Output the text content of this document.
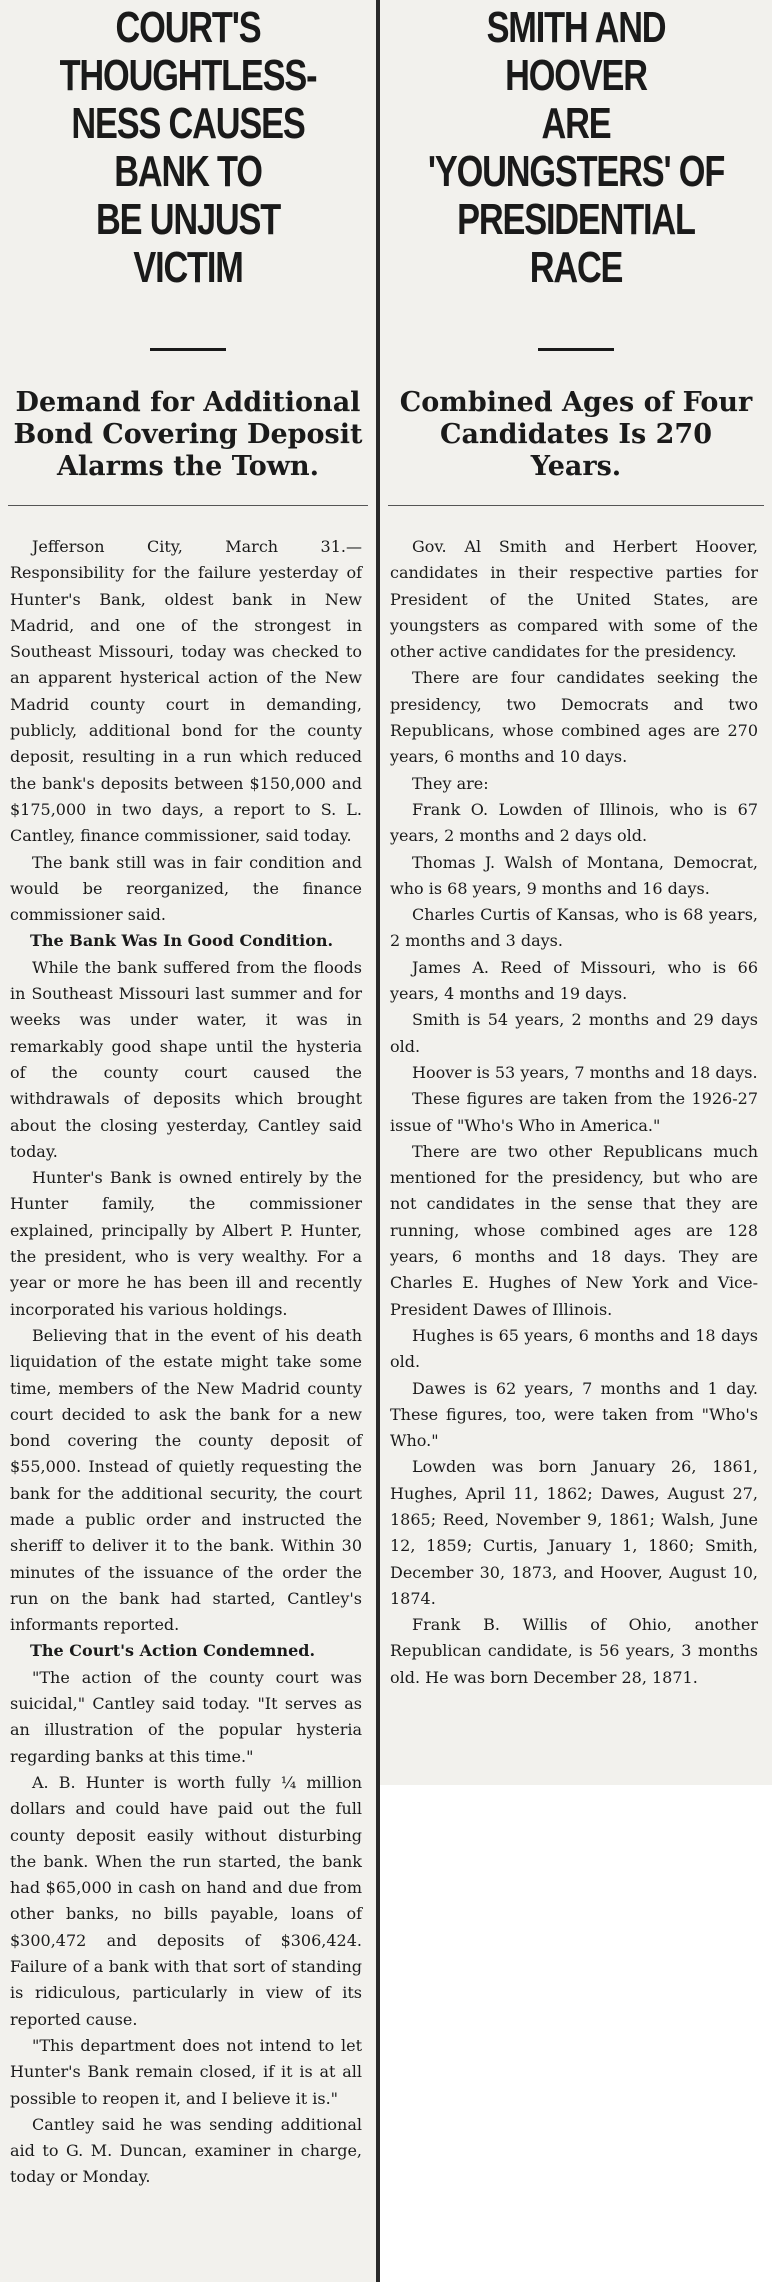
COURT'S THOUGHTLESS-
NESS CAUSES BANK TO
BE UNJUST VICTIM
Demand for Additional
Bond Covering Deposit
Alarms the Town.

Jefferson City, March 31.—Responsibility for the failure yesterday of Hunter's Bank, oldest bank in New Madrid, and one of the strongest in Southeast Missouri, today was checked to an apparent hysterical action of the New Madrid county court in demanding, publicly, additional bond for the county deposit, resulting in a run which reduced the bank's deposits between $150,000 and $175,000 in two days, a report to S. L. Cantley, finance commissioner, said today.

The bank still was in fair condition and would be reorganized, the finance commissioner said.

The Bank Was In Good Condition.

While the bank suffered from the floods in Southeast Missouri last summer and for weeks was under water, it was in remarkably good shape until the hysteria of the county court caused the withdrawals of deposits which brought about the closing yesterday, Cantley said today.

Hunter's Bank is owned entirely by the Hunter family, the commissioner explained, principally by Albert P. Hunter, the president, who is very wealthy. For a year or more he has been ill and recently incorporated his various holdings.

Believing that in the event of his death liquidation of the estate might take some time, members of the New Madrid county court decided to ask the bank for a new bond covering the county deposit of $55,000. Instead of quietly requesting the bank for the additional security, the court made a public order and instructed the sheriff to deliver it to the bank. Within 30 minutes of the issuance of the order the run on the bank had started, Cantley's informants reported.

The Court's Action Condemned.

"The action of the county court was suicidal," Cantley said today. "It serves as an illustration of the popular hysteria regarding banks at this time."

A. B. Hunter is worth fully ¼ million dollars and could have paid out the full county deposit easily without disturbing the bank. When the run started, the bank had $65,000 in cash on hand and due from other banks, no bills payable, loans of $300,472 and deposits of $306,424. Failure of a bank with that sort of standing is ridiculous, particularly in view of its reported cause.

"This department does not intend to let Hunter's Bank remain closed, if it is at all possible to reopen it, and I believe it is."

Cantley said he was sending additional aid to G. M. Duncan, examiner in charge, today or Monday.

SMITH AND HOOVER
ARE 'YOUNGSTERS' OF
PRESIDENTIAL RACE
Combined Ages of Four
Candidates Is 270
Years.

Gov. Al Smith and Herbert Hoover, candidates in their respective parties for President of the United States, are youngsters as compared with some of the other active candidates for the presidency.

There are four candidates seeking the presidency, two Democrats and two Republicans, whose combined ages are 270 years, 6 months and 10 days.

They are:

Frank O. Lowden of Illinois, who is 67 years, 2 months and 2 days old.

Thomas J. Walsh of Montana, Democrat, who is 68 years, 9 months and 16 days.

Charles Curtis of Kansas, who is 68 years, 2 months and 3 days.

James A. Reed of Missouri, who is 66 years, 4 months and 19 days.

Smith is 54 years, 2 months and 29 days old.

Hoover is 53 years, 7 months and 18 days.

These figures are taken from the 1926-27 issue of "Who's Who in America."

There are two other Republicans much mentioned for the presidency, but who are not candidates in the sense that they are running, whose combined ages are 128 years, 6 months and 18 days. They are Charles E. Hughes of New York and Vice-President Dawes of Illinois.

Hughes is 65 years, 6 months and 18 days old.

Dawes is 62 years, 7 months and 1 day. These figures, too, were taken from "Who's Who."

Lowden was born January 26, 1861, Hughes, April 11, 1862; Dawes, August 27, 1865; Reed, November 9, 1861; Walsh, June 12, 1859; Curtis, January 1, 1860; Smith, December 30, 1873, and Hoover, August 10, 1874.

Frank B. Willis of Ohio, another Republican candidate, is 56 years, 3 months old. He was born December 28, 1871.
